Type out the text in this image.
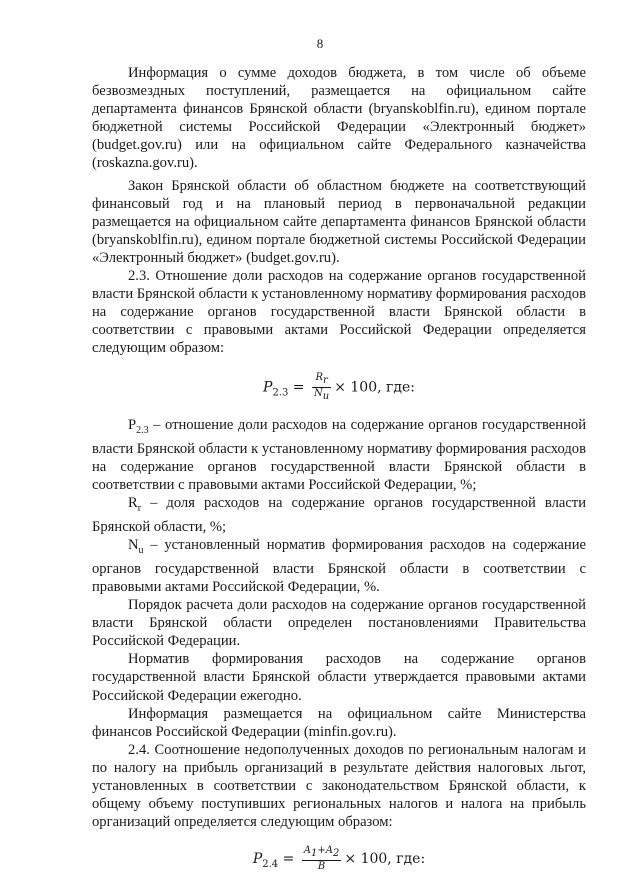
8

Информация о сумме доходов бюджета, в том числе об объеме безвозмездных поступлений, размещается на официальном сайте департамента финансов Брянской области (bryanskoblfin.ru), едином портале бюджетной системы Российской Федерации «Электронный бюджет» (budget.gov.ru) или на официальном сайте Федерального казначейства (roskazna.gov.ru).

Закон Брянской области об областном бюджете на соответствующий финансовый год и на плановый период в первоначальной редакции размещается на официальном сайте департамента финансов Брянской области (bryanskoblfin.ru), едином портале бюджетной системы Российской Федерации «Электронный бюджет» (budget.gov.ru).

2.3. Отношение доли расходов на содержание органов государственной власти Брянской области к установленному нормативу формирования расходов на содержание органов государственной власти Брянской области в соответствии с правовыми актами Российской Федерации определяется следующим образом:

$P_{2.3} = \frac{R_r}{N_u} \times 100$, где:

$P_{2.3}$ – отношение доли расходов на содержание органов государственной власти Брянской области к установленному нормативу формирования расходов на содержание органов государственной власти Брянской области в соответствии с правовыми актами Российской Федерации, %;

$R_r$ – доля расходов на содержание органов государственной власти Брянской области, %;

$N_u$ – установленный норматив формирования расходов на содержание органов государственной власти Брянской области в соответствии с правовыми актами Российской Федерации, %.

Порядок расчета доли расходов на содержание органов государственной власти Брянской области определен постановлениями Правительства Российской Федерации.

Норматив формирования расходов на содержание органов государственной власти Брянской области утверждается правовыми актами Российской Федерации ежегодно.

Информация размещается на официальном сайте Министерства финансов Российской Федерации (minfin.gov.ru).

2.4. Соотношение недополученных доходов по региональным налогам и по налогу на прибыль организаций в результате действия налоговых льгот, установленных в соответствии с законодательством Брянской области, к общему объему поступивших региональных налогов и налога на прибыль организаций определяется следующим образом:

$P_{2.4} = \frac{A_1+A_2}{B} \times 100$, где:
